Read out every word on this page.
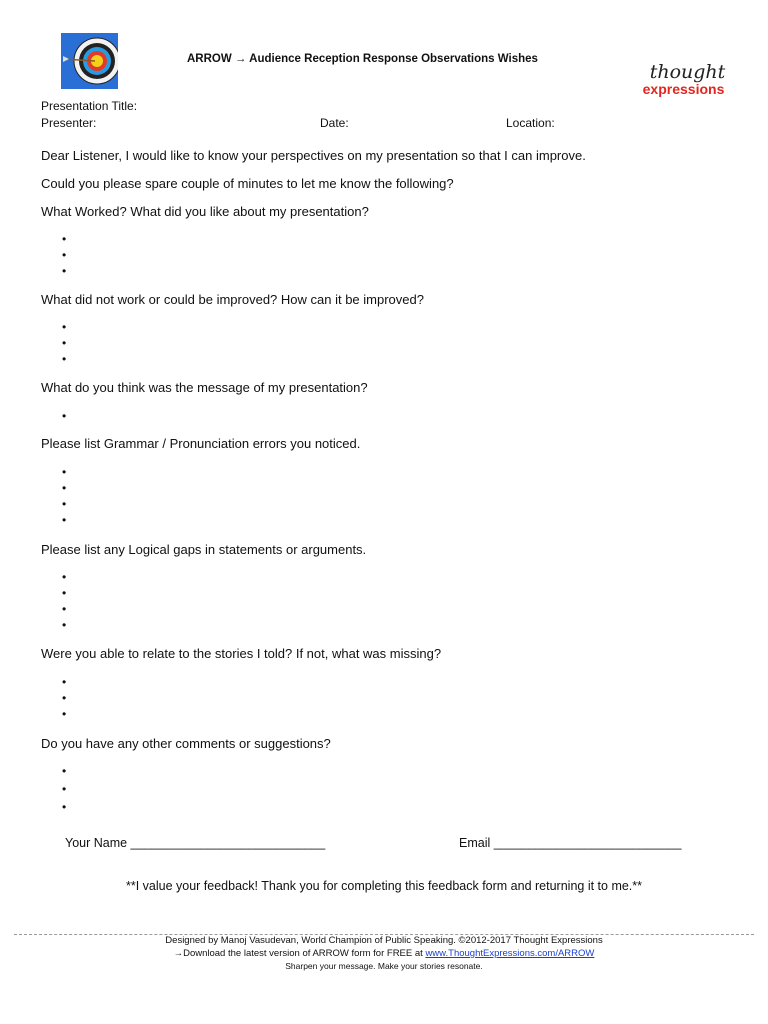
ARROW → Audience Reception Response Observations Wishes
thought
expressions
Presentation Title:
Presenter:	Date:	Location:
Dear Listener, I would like to know your perspectives on my presentation so that I can improve.
Could you please spare couple of minutes to let me know the following?
What Worked? What did you like about my presentation?
•
•
•
What did not work or could be improved? How can it be improved?
•
•
•
What do you think was the message of my presentation?
•
Please list Grammar / Pronunciation errors you noticed.
•
•
•
•
Please list any Logical gaps in statements or arguments.
•
•
•
•
Were you able to relate to the stories I told? If not, what was missing?
•
•
•
Do you have any other comments or suggestions?
•
•
•
Your Name ____________________________	Email ___________________________
**I value your feedback! Thank you for completing this feedback form and returning it to me.**
Designed by Manoj Vasudevan, World Champion of Public Speaking. ©2012-2017 Thought Expressions
→Download the latest version of ARROW form for FREE at www.ThoughtExpressions.com/ARROW
Sharpen your message. Make your stories resonate.
